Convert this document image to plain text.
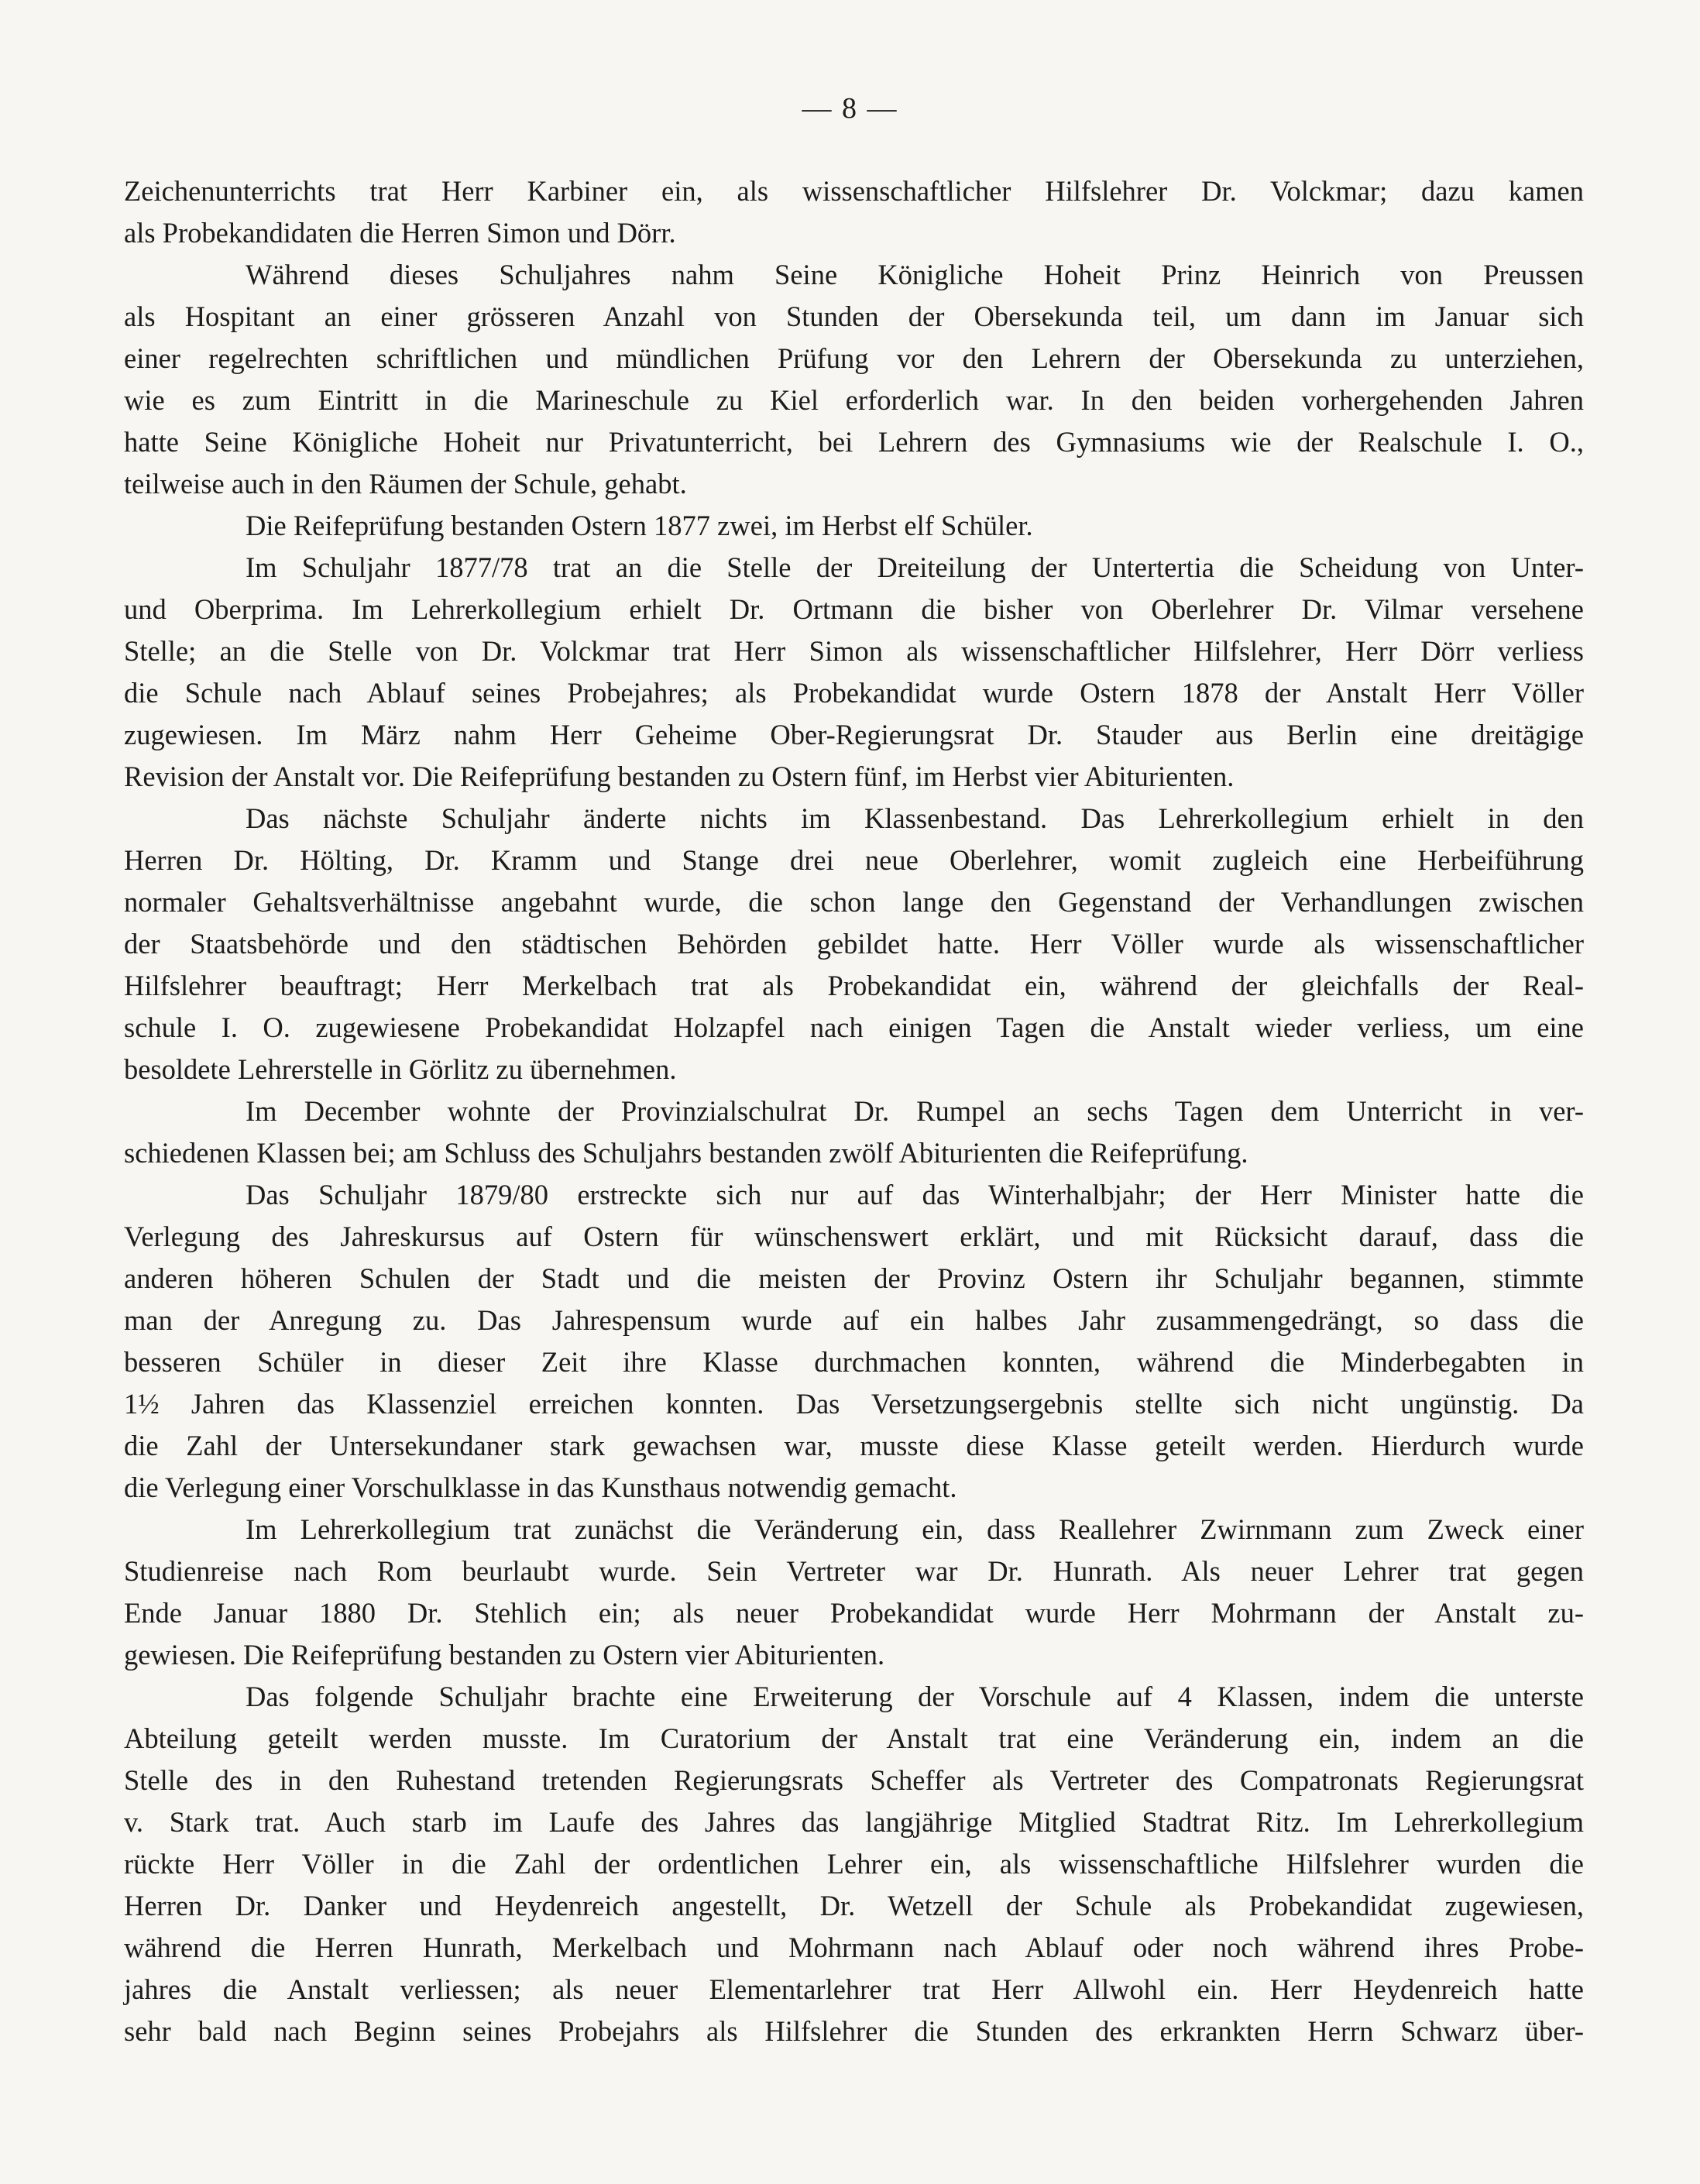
— 8 —
Zeichenunterrichts trat Herr Karbiner ein, als wissenschaftlicher Hilfslehrer Dr. Volckmar; dazu kamen
als Probekandidaten die Herren Simon und Dörr.
Während dieses Schuljahres nahm Seine Königliche Hoheit Prinz Heinrich von Preussen
als Hospitant an einer grösseren Anzahl von Stunden der Obersekunda teil, um dann im Januar sich
einer regelrechten schriftlichen und mündlichen Prüfung vor den Lehrern der Obersekunda zu unterziehen,
wie es zum Eintritt in die Marineschule zu Kiel erforderlich war. In den beiden vorhergehenden Jahren
hatte Seine Königliche Hoheit nur Privatunterricht, bei Lehrern des Gymnasiums wie der Realschule I. O.,
teilweise auch in den Räumen der Schule, gehabt.
Die Reifeprüfung bestanden Ostern 1877 zwei, im Herbst elf Schüler.
Im Schuljahr 1877/78 trat an die Stelle der Dreiteilung der Untertertia die Scheidung von Unter-
und Oberprima. Im Lehrerkollegium erhielt Dr. Ortmann die bisher von Oberlehrer Dr. Vilmar versehene
Stelle; an die Stelle von Dr. Volckmar trat Herr Simon als wissenschaftlicher Hilfslehrer, Herr Dörr verliess
die Schule nach Ablauf seines Probejahres; als Probekandidat wurde Ostern 1878 der Anstalt Herr Völler
zugewiesen. Im März nahm Herr Geheime Ober-Regierungsrat Dr. Stauder aus Berlin eine dreitägige
Revision der Anstalt vor. Die Reifeprüfung bestanden zu Ostern fünf, im Herbst vier Abiturienten.
Das nächste Schuljahr änderte nichts im Klassenbestand. Das Lehrerkollegium erhielt in den
Herren Dr. Hölting, Dr. Kramm und Stange drei neue Oberlehrer, womit zugleich eine Herbeiführung
normaler Gehaltsverhältnisse angebahnt wurde, die schon lange den Gegenstand der Verhandlungen zwischen
der Staatsbehörde und den städtischen Behörden gebildet hatte. Herr Völler wurde als wissenschaftlicher
Hilfslehrer beauftragt; Herr Merkelbach trat als Probekandidat ein, während der gleichfalls der Real-
schule I. O. zugewiesene Probekandidat Holzapfel nach einigen Tagen die Anstalt wieder verliess, um eine
besoldete Lehrerstelle in Görlitz zu übernehmen.
Im December wohnte der Provinzialschulrat Dr. Rumpel an sechs Tagen dem Unterricht in ver-
schiedenen Klassen bei; am Schluss des Schuljahrs bestanden zwölf Abiturienten die Reifeprüfung.
Das Schuljahr 1879/80 erstreckte sich nur auf das Winterhalbjahr; der Herr Minister hatte die
Verlegung des Jahreskursus auf Ostern für wünschenswert erklärt, und mit Rücksicht darauf, dass die
anderen höheren Schulen der Stadt und die meisten der Provinz Ostern ihr Schuljahr begannen, stimmte
man der Anregung zu. Das Jahrespensum wurde auf ein halbes Jahr zusammengedrängt, so dass die
besseren Schüler in dieser Zeit ihre Klasse durchmachen konnten, während die Minderbegabten in
1½ Jahren das Klassenziel erreichen konnten. Das Versetzungsergebnis stellte sich nicht ungünstig. Da
die Zahl der Untersekundaner stark gewachsen war, musste diese Klasse geteilt werden. Hierdurch wurde
die Verlegung einer Vorschulklasse in das Kunsthaus notwendig gemacht.
Im Lehrerkollegium trat zunächst die Veränderung ein, dass Reallehrer Zwirnmann zum Zweck einer
Studienreise nach Rom beurlaubt wurde. Sein Vertreter war Dr. Hunrath. Als neuer Lehrer trat gegen
Ende Januar 1880 Dr. Stehlich ein; als neuer Probekandidat wurde Herr Mohrmann der Anstalt zu-
gewiesen. Die Reifeprüfung bestanden zu Ostern vier Abiturienten.
Das folgende Schuljahr brachte eine Erweiterung der Vorschule auf 4 Klassen, indem die unterste
Abteilung geteilt werden musste. Im Curatorium der Anstalt trat eine Veränderung ein, indem an die
Stelle des in den Ruhestand tretenden Regierungsrats Scheffer als Vertreter des Compatronats Regierungsrat
v. Stark trat. Auch starb im Laufe des Jahres das langjährige Mitglied Stadtrat Ritz. Im Lehrerkollegium
rückte Herr Völler in die Zahl der ordentlichen Lehrer ein, als wissenschaftliche Hilfslehrer wurden die
Herren Dr. Danker und Heydenreich angestellt, Dr. Wetzell der Schule als Probekandidat zugewiesen,
während die Herren Hunrath, Merkelbach und Mohrmann nach Ablauf oder noch während ihres Probe-
jahres die Anstalt verliessen; als neuer Elementarlehrer trat Herr Allwohl ein. Herr Heydenreich hatte
sehr bald nach Beginn seines Probejahrs als Hilfslehrer die Stunden des erkrankten Herrn Schwarz über-
